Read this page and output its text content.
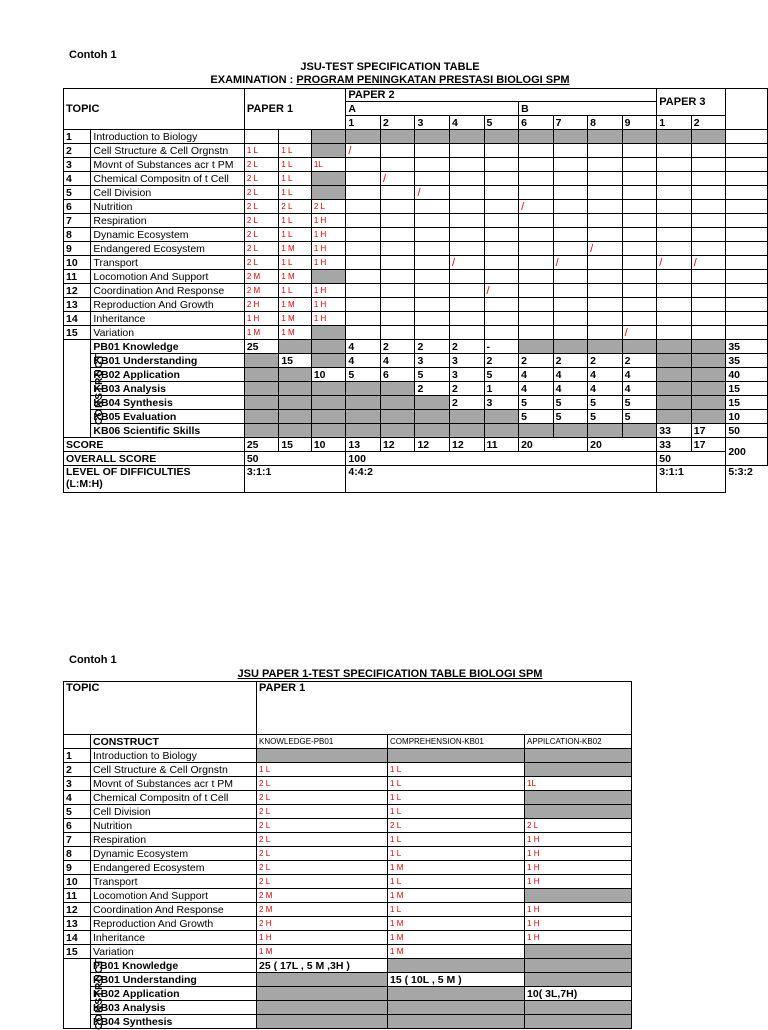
Contoh 1
JSU-TEST SPECIFICATION TABLE
EXAMINATION : PROGRAM PENINGKATAN PRESTASI BIOLOGI SPM
TOPIC		PAPER 1			PAPER 2									PAPER 3		
					A					B						
					1	2	3	4	5	6	7	8	9	1	2	
1	Introduction to Biology															
2	Cell Structure & Cell Orgnstn	1 L	1 L		/											
3	Movnt of Substances acr t PM	2 L	1 L	1L												
4	Chemical Compositn of t Cell	2 L	1 L			/										
5	Cell Division	2 L	1 L				/									
6	Nutrition	2 L	2 L	2 L						/						
7	Respiration	2 L	1 L	1 H												
8	Dynamic Ecosystem	2 L	1 L	1 H												
9	Endangered Ecosystem	2 L	1 M	1 H								/				
10	Transport	2 L	1 L	1 H				/			/			/	/	
11	Locomotion And Support	2 M	1 M													
12	Coordination And Response	2 M	1 L	1 H					/							
13	Reproduction And Growth	2 H	1 M	1 H												
14	Inheritance	1 H	1 M	1 H												
15	Variation	1 M	1 M										/			
CONSTRUCT	PB01 Knowledge	25			4	2	2	2	-							35
	KB01 Understanding		15		4	4	3	3	2	2	2	2	2			35
	KB02 Application			10	5	6	5	3	5	4	4	4	4			40
	KB03 Analysis						2	2	1	4	4	4	4			15
	KB04 Synthesis							2	3	5	5	5	5			15
	KB05 Evaluation									5	5	5	5			10
	KB06 Scientific Skills													33	17	50
SCORE		25	15	10	13	12	12	12	11	20		20		33	17	200
OVERALL SCORE		50			100									50		

LEVEL OF DIFFICULTIES
(L:M:H)		3:1:1			4:4:2									3:1:1		5:3:2
Contoh 1
JSU PAPER 1-TEST SPECIFICATION TABLE BIOLOGI SPM
TOPIC		PAPER 1		
	CONSTRUCT	KNOWLEDGE-PB01	COMPREHENSION-KB01	APPILCATION-KB02
1	Introduction to Biology			
2	Cell Structure & Cell Orgnstn	1 L	1 L	
3	Movnt of Substances acr t PM	2 L	1 L	1L
4	Chemical Compositn of t Cell	2 L	1 L	
5	Cell Division	2 L	1 L	
6	Nutrition	2 L	2 L	2 L
7	Respiration	2 L	1 L	1 H
8	Dynamic Ecosystem	2 L	1 L	1 H
9	Endangered Ecosystem	2 L	1 M	1 H
10	Transport	2 L	1 L	1 H
11	Locomotion And Support	2 M	1 M	
12	Coordination And Response	2 M	1 L	1 H
13	Reproduction And Growth	2 H	1 M	1 H
14	Inheritance	1 H	1 M	1 H
15	Variation	1 M	1 M	
CONSTRUCT	PB01 Knowledge	25 ( 17L , 5 M ,3H )		
	KB01 Understanding		15 ( 10L , 5 M )	
	KB02 Application			10( 3L,7H)
	KB03 Analysis			
	KB04 Synthesis			
